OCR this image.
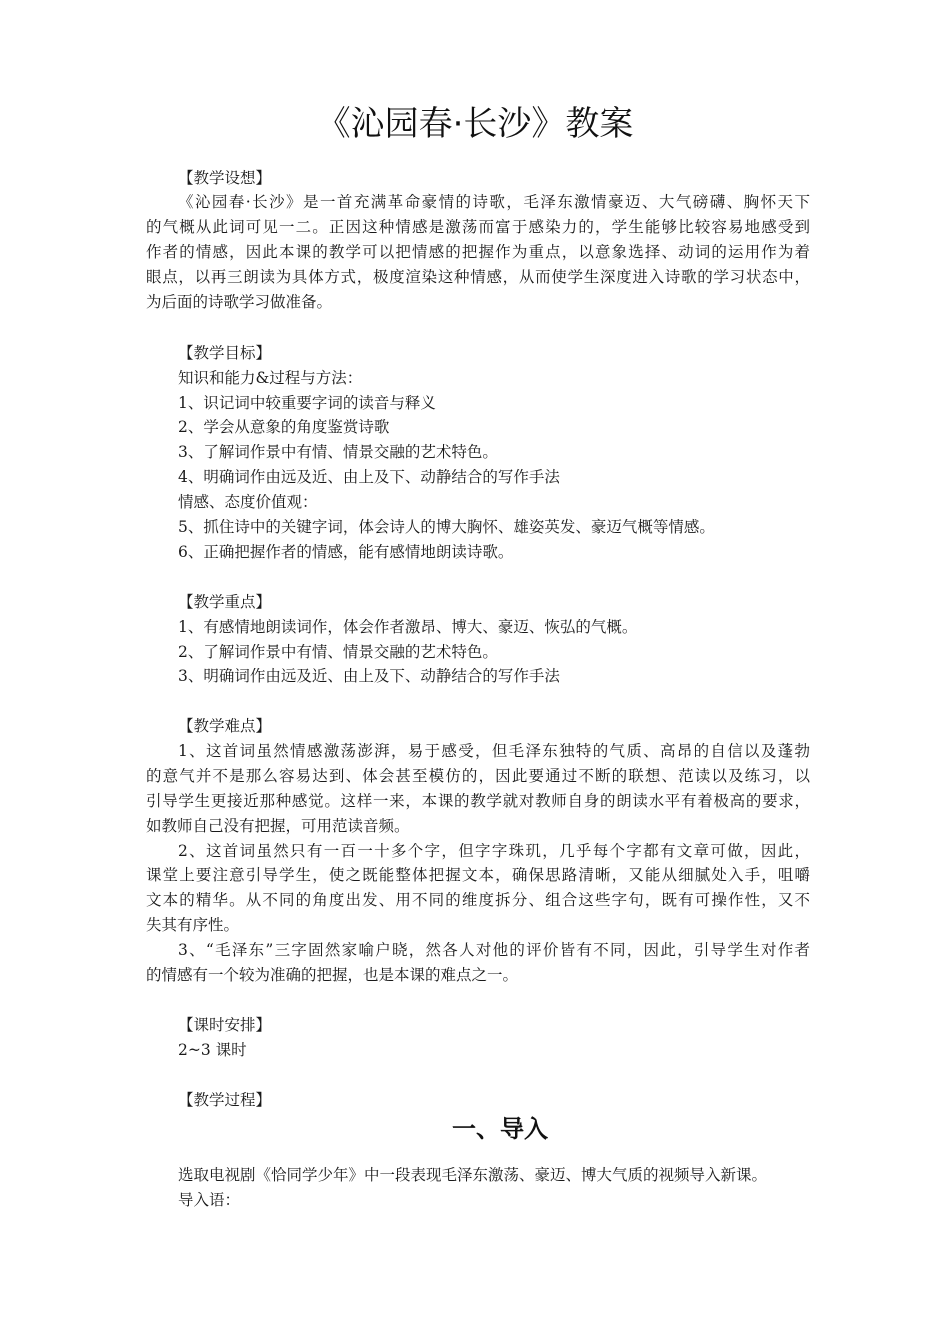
《沁园春·长沙》教案
【教学设想】
《沁园春·长沙》是一首充满革命豪情的诗歌，毛泽东激情豪迈、大气磅礴、胸怀天下
的气概从此词可见一二。正因这种情感是激荡而富于感染力的，学生能够比较容易地感受到
作者的情感，因此本课的教学可以把情感的把握作为重点，以意象选择、动词的运用作为着
眼点，以再三朗读为具体方式，极度渲染这种情感，从而使学生深度进入诗歌的学习状态中，
为后面的诗歌学习做准备。
【教学目标】
知识和能力&过程与方法：
1、识记词中较重要字词的读音与释义
2、学会从意象的角度鉴赏诗歌
3、了解词作景中有情、情景交融的艺术特色。
4、明确词作由远及近、由上及下、动静结合的写作手法
情感、态度价值观：
5、抓住诗中的关键字词，体会诗人的博大胸怀、雄姿英发、豪迈气概等情感。
6、正确把握作者的情感，能有感情地朗读诗歌。
【教学重点】
1、有感情地朗读词作，体会作者激昂、博大、豪迈、恢弘的气概。
2、了解词作景中有情、情景交融的艺术特色。
3、明确词作由远及近、由上及下、动静结合的写作手法
【教学难点】
1、这首词虽然情感激荡澎湃，易于感受，但毛泽东独特的气质、高昂的自信以及蓬勃
的意气并不是那么容易达到、体会甚至模仿的，因此要通过不断的联想、范读以及练习，以
引导学生更接近那种感觉。这样一来，本课的教学就对教师自身的朗读水平有着极高的要求，
如教师自己没有把握，可用范读音频。
2、这首词虽然只有一百一十多个字，但字字珠玑，几乎每个字都有文章可做，因此，
课堂上要注意引导学生，使之既能整体把握文本，确保思路清晰，又能从细腻处入手，咀嚼
文本的精华。从不同的角度出发、用不同的维度拆分、组合这些字句，既有可操作性，又不
失其有序性。
3、“毛泽东”三字固然家喻户晓，然各人对他的评价皆有不同，因此，引导学生对作者
的情感有一个较为准确的把握，也是本课的难点之一。
【课时安排】
2~3 课时
【教学过程】
一、导入
选取电视剧《恰同学少年》中一段表现毛泽东激荡、豪迈、博大气质的视频导入新课。
导入语：
